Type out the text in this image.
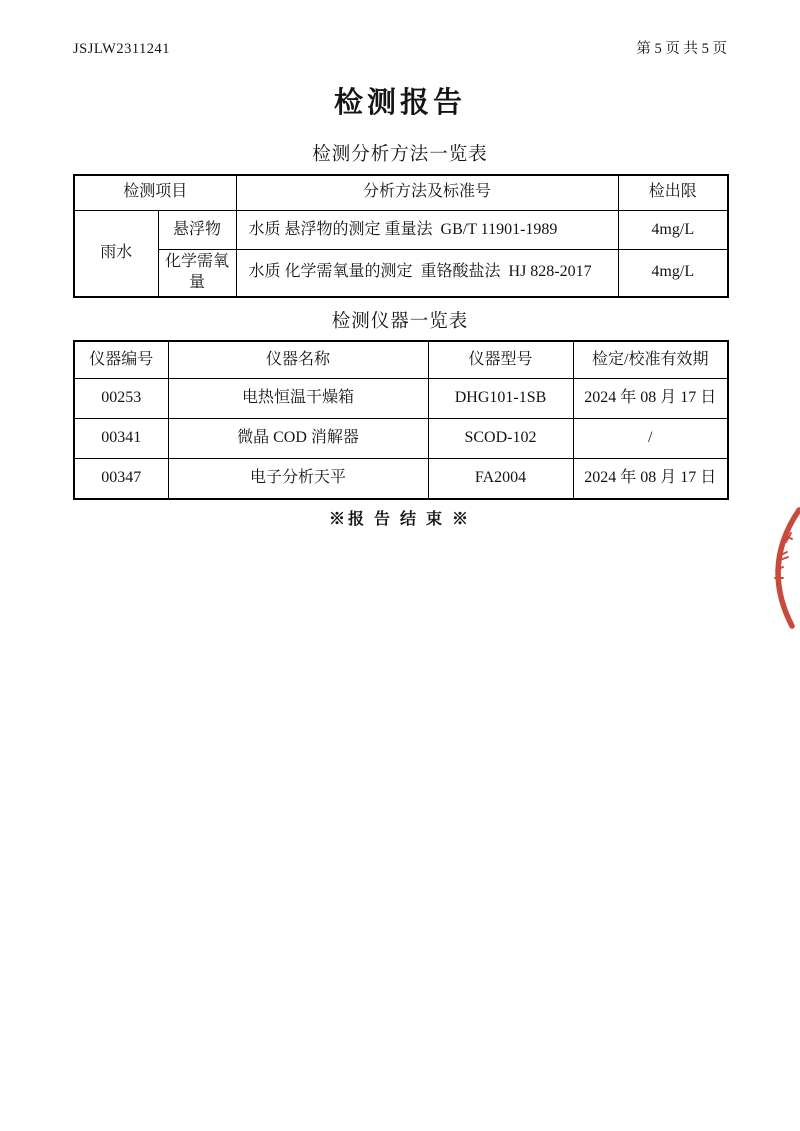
JSJLW2311241	第 5 页 共 5 页
检测报告
检测分析方法一览表
检测项目		分析方法及标准号	检出限
雨水	悬浮物	水质 悬浮物的测定 重量法  GB/T 11901-1989	4mg/L
	化学需氧量	水质 化学需氧量的测定  重铬酸盐法  HJ 828-2017	4mg/L
检测仪器一览表
仪器编号	仪器名称	仪器型号	检定/校准有效期
00253	电热恒温干燥箱	DHG101-1SB	2024 年 08 月 17 日
00341	微晶 COD 消解器	SCOD-102	/
00347	电子分析天平	FA2004	2024 年 08 月 17 日
※报 告 结 束 ※
